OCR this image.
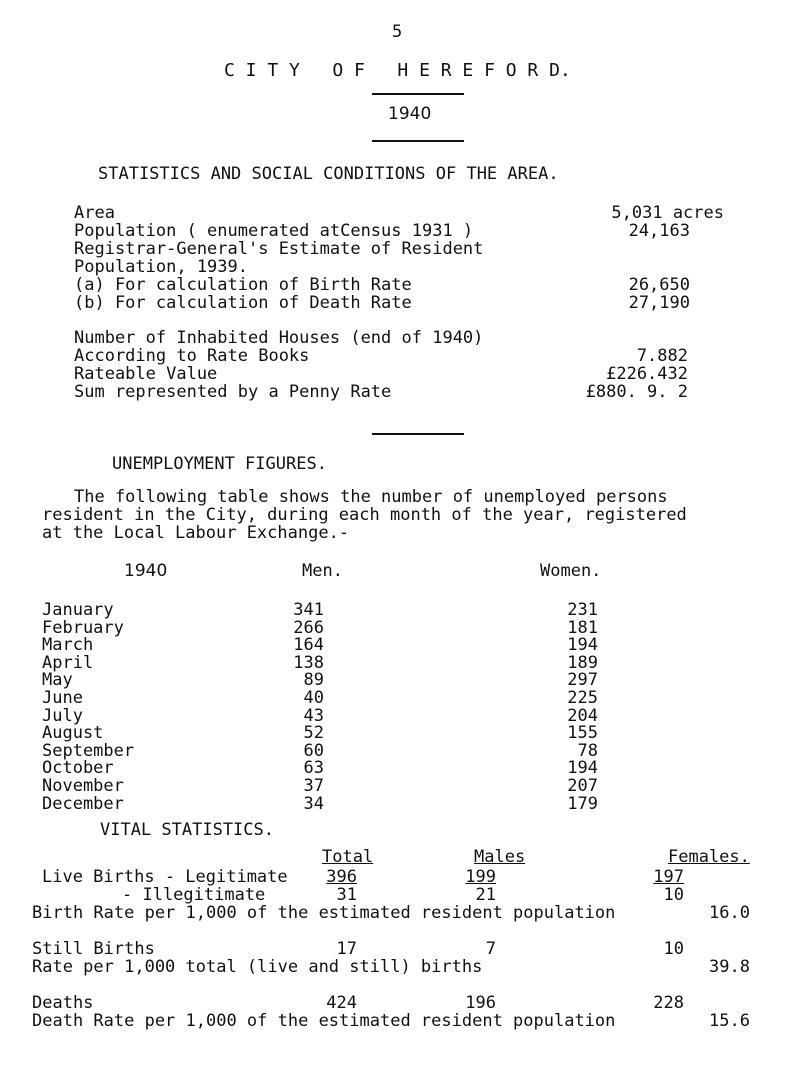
5
C I T Y   O F   H E R E F O R D.
1940
STATISTICS AND SOCIAL CONDITIONS OF THE AREA.
Area	5,031 acres
Population ( enumerated atCensus 1931 )	24,163
Registrar-General's Estimate of Resident
Population, 1939.
(a) For calculation of Birth Rate	26,650
(b) For calculation of Death Rate	27,190
Number of Inhabited Houses (end of 1940)
According to Rate Books	7.882
Rateable Value	£226.432
Sum represented by a Penny Rate	£880. 9. 2
UNEMPLOYMENT FIGURES.
The following table shows the number of unemployed persons
resident in the City, during each month of the year, registered
at the Local Labour Exchange.-
1940	Men.	Women.
January	341	231
February	266	181
March	164	194
April	138	189
May	89	297
June	40	225
July	43	204
August	52	155
September	60	78
October	63	194
November	37	207
December	34	179
VITAL STATISTICS.
Total	Males	Females.
Live Births - Legitimate 396	199	197
- Illegitimate	31	21	10
Birth Rate per 1,000 of the estimated resident population	16.0
Still Births	17	7	10
Rate per 1,000 total (live and still) births	39.8
Deaths	424	196	228
Death Rate per 1,000 of the estimated resident population	15.6
